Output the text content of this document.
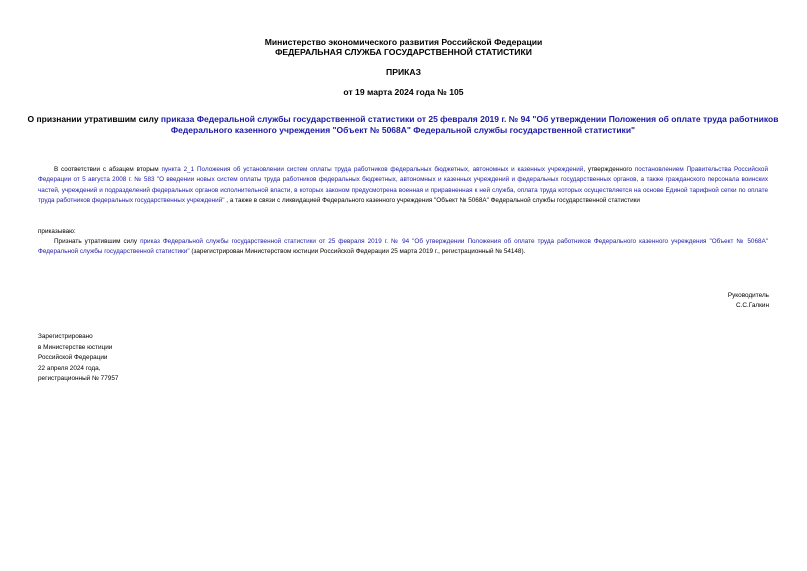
Министерство экономического развития Российской Федерации
ФЕДЕРАЛЬНАЯ СЛУЖБА ГОСУДАРСТВЕННОЙ СТАТИСТИКИ
ПРИКАЗ
от 19 марта 2024 года № 105
О признании утратившим силу приказа Федеральной службы государственной статистики от 25 февраля 2019 г. № 94 "Об утверждении Положения об оплате труда работников Федерального казенного учреждения "Объект № 5068А" Федеральной службы государственной статистики"
В соответствии с абзацем вторым пункта 2_1 Положения об установлении систем оплаты труда работников федеральных бюджетных, автономных и казенных учреждений, утвержденного постановлением Правительства Российской Федерации от 5 августа 2008 г. № 583 "О введении новых систем оплаты труда работников федеральных бюджетных, автономных и казенных учреждений и федеральных государственных органов, а также гражданского персонала воинских частей, учреждений и подразделений федеральных органов исполнительной власти, в которых законом предусмотрена военная и приравненная к ней служба, оплата труда которых осуществляется на основе Единой тарифной сетки по оплате труда работников федеральных государственных учреждений" , а также в связи с ликвидацией Федерального казенного учреждения "Объект № 5068А" Федеральной службы государственной статистики
приказываю:
Признать утратившим силу приказ Федеральной службы государственной статистики от 25 февраля 2019 г. № 94 "Об утверждении Положения об оплате труда работников Федерального казенного учреждения "Объект № 5068А" Федеральной службы государственной статистики" (зарегистрирован Министерством юстиции Российской Федерации 25 марта 2019 г., регистрационный № 54148).
Руководитель
С.С.Галкин
Зарегистрировано
в Министерстве юстиции
Российской Федерации
22 апреля 2024 года,
регистрационный № 77957
